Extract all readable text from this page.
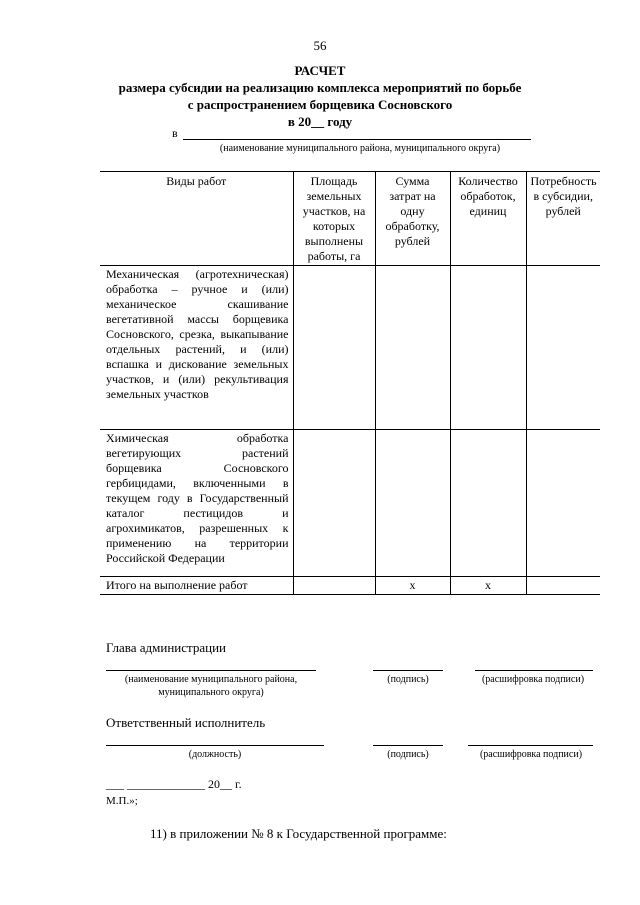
56
РАСЧЕТ
размера субсидии на реализацию комплекса мероприятий по борьбе
с распространением борщевика Сосновского
в 20__ году
в
(наименование муниципального района, муниципального округа)
Виды работ	Площадь земельных участков, на которых выполнены работы, га	Сумма затрат на одну обработку, рублей	Количество обработок, единиц	Потребность в субсидии, рублей
Механическая (агротехническая) обработка – ручное и (или) механическое скашивание вегетативной массы борщевика Сосновского, срезка, выкапывание отдельных растений, и (или) вспашка и дискование земельных участков, и (или) рекультивация земельных участков				
Химическая обработка вегетирующих растений борщевика Сосновского гербицидами, включенными в текущем году в Государственный каталог пестицидов и агрохимикатов, разрешенных к применению на территории Российской Федерации				
Итого на выполнение работ		x	x	
Глава администрации
(наименование муниципального района,
муниципального округа)
(подпись)	(расшифровка подписи)
Ответственный исполнитель
(должность)	(подпись)	(расшифровка подписи)
___ _____________ 20__ г.
М.П.»;
11) в приложении № 8 к Государственной программе:
